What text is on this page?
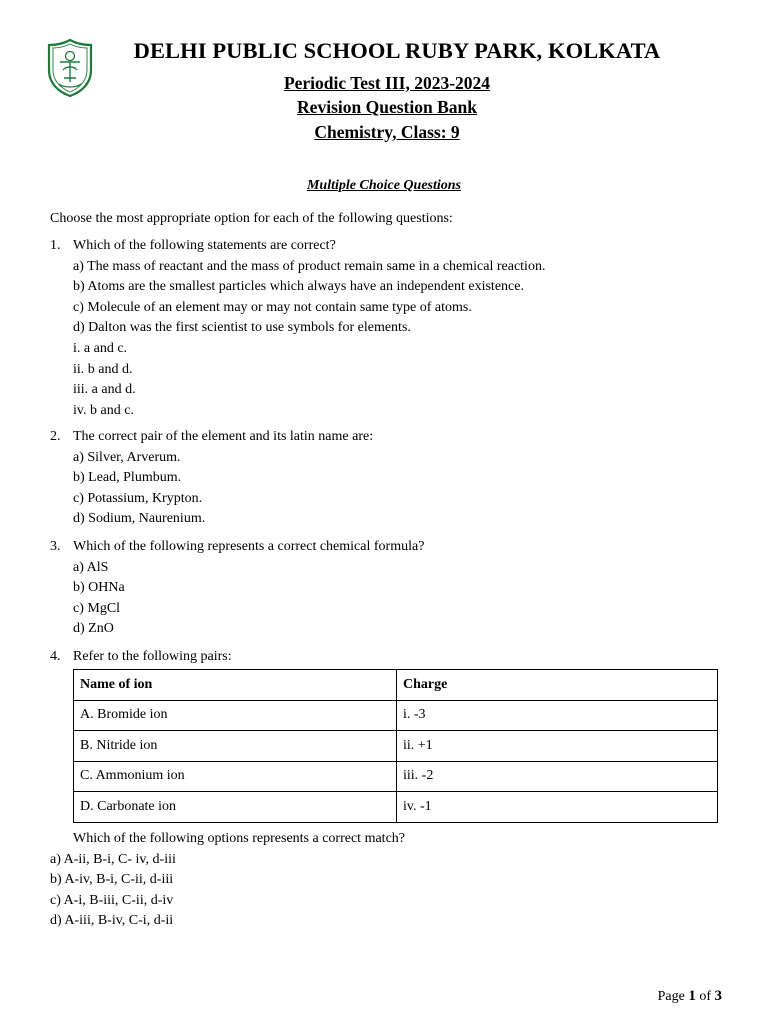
DELHI PUBLIC SCHOOL RUBY PARK, KOLKATA
Periodic Test III, 2023-2024
Revision Question Bank
Chemistry, Class: 9
Multiple Choice Questions
Choose the most appropriate option for each of the following questions:
1. Which of the following statements are correct?
a) The mass of reactant and the mass of product remain same in a chemical reaction.
b) Atoms are the smallest particles which always have an independent existence.
c) Molecule of an element may or may not contain same type of atoms.
d) Dalton was the first scientist to use symbols for elements.
i. a and c.
ii. b and d.
iii. a and d.
iv. b and c.
2. The correct pair of the element and its latin name are:
a) Silver, Arverum.
b) Lead, Plumbum.
c) Potassium, Krypton.
d) Sodium, Naurenium.
3. Which of the following represents a correct chemical formula?
a) AlS
b) OHNa
c) MgCl
d) ZnO
4. Refer to the following pairs:
Name of ion	Charge
A. Bromide ion	i. -3
B. Nitride ion	ii. +1
C. Ammonium ion	iii. -2
D. Carbonate ion	iv. -1
Which of the following options represents a correct match?
a) A-ii, B-i, C- iv, d-iii
b) A-iv, B-i, C-ii, d-iii
c) A-i, B-iii, C-ii, d-iv
d) A-iii, B-iv, C-i, d-ii
Page 1 of 3
